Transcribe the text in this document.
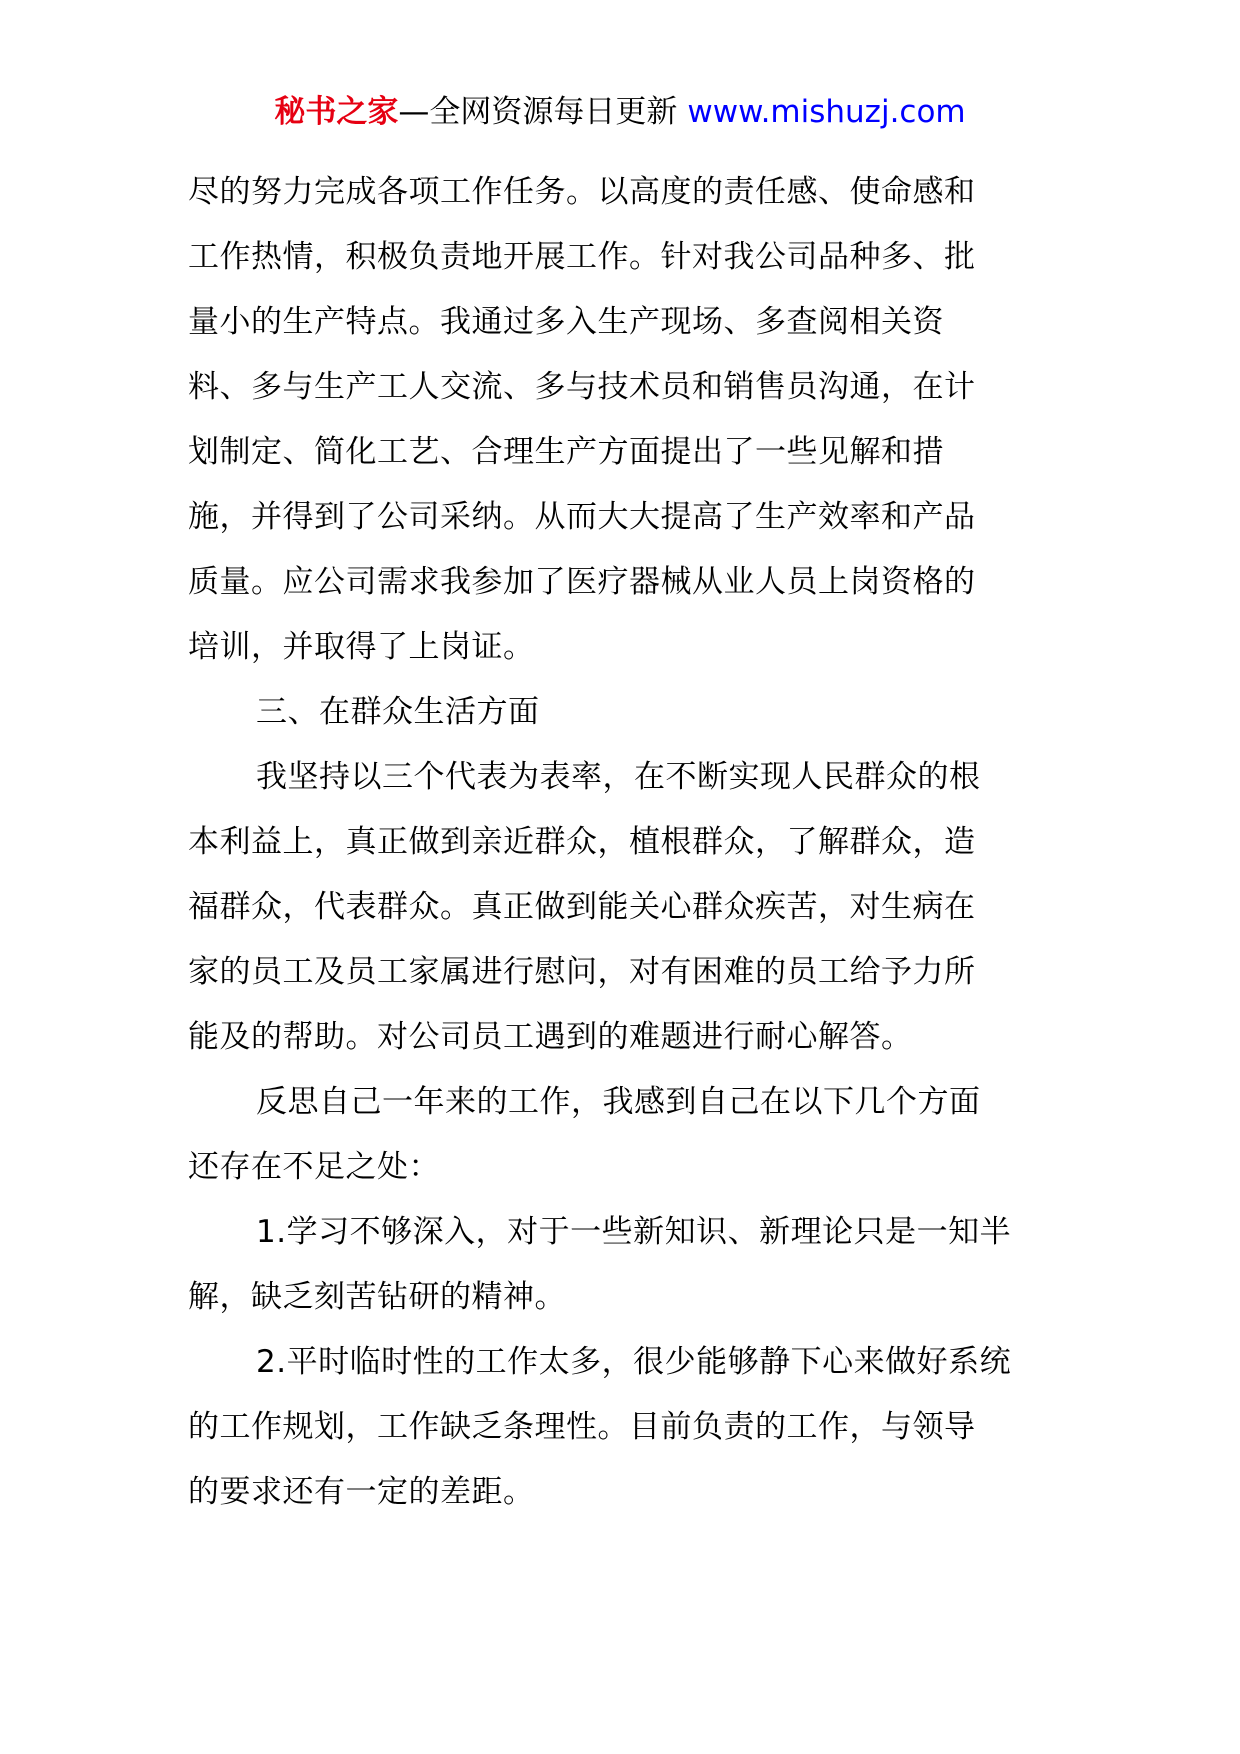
秘书之家—全网资源每日更新 www.mishuzj.com
尽的努力完成各项工作任务。以高度的责任感、使命感和
工作热情，积极负责地开展工作。针对我公司品种多、批
量小的生产特点。我通过多入生产现场、多查阅相关资
料、多与生产工人交流、多与技术员和销售员沟通，在计
划制定、简化工艺、合理生产方面提出了一些见解和措
施，并得到了公司采纳。从而大大提高了生产效率和产品
质量。应公司需求我参加了医疗器械从业人员上岗资格的
培训，并取得了上岗证。
三、在群众生活方面
我坚持以三个代表为表率，在不断实现人民群众的根
本利益上，真正做到亲近群众，植根群众，了解群众，造
福群众，代表群众。真正做到能关心群众疾苦，对生病在
家的员工及员工家属进行慰问，对有困难的员工给予力所
能及的帮助。对公司员工遇到的难题进行耐心解答。
反思自己一年来的工作，我感到自己在以下几个方面
还存在不足之处：
1.学习不够深入，对于一些新知识、新理论只是一知半
解，缺乏刻苦钻研的精神。
2.平时临时性的工作太多，很少能够静下心来做好系统
的工作规划，工作缺乏条理性。目前负责的工作，与领导
的要求还有一定的差距。
